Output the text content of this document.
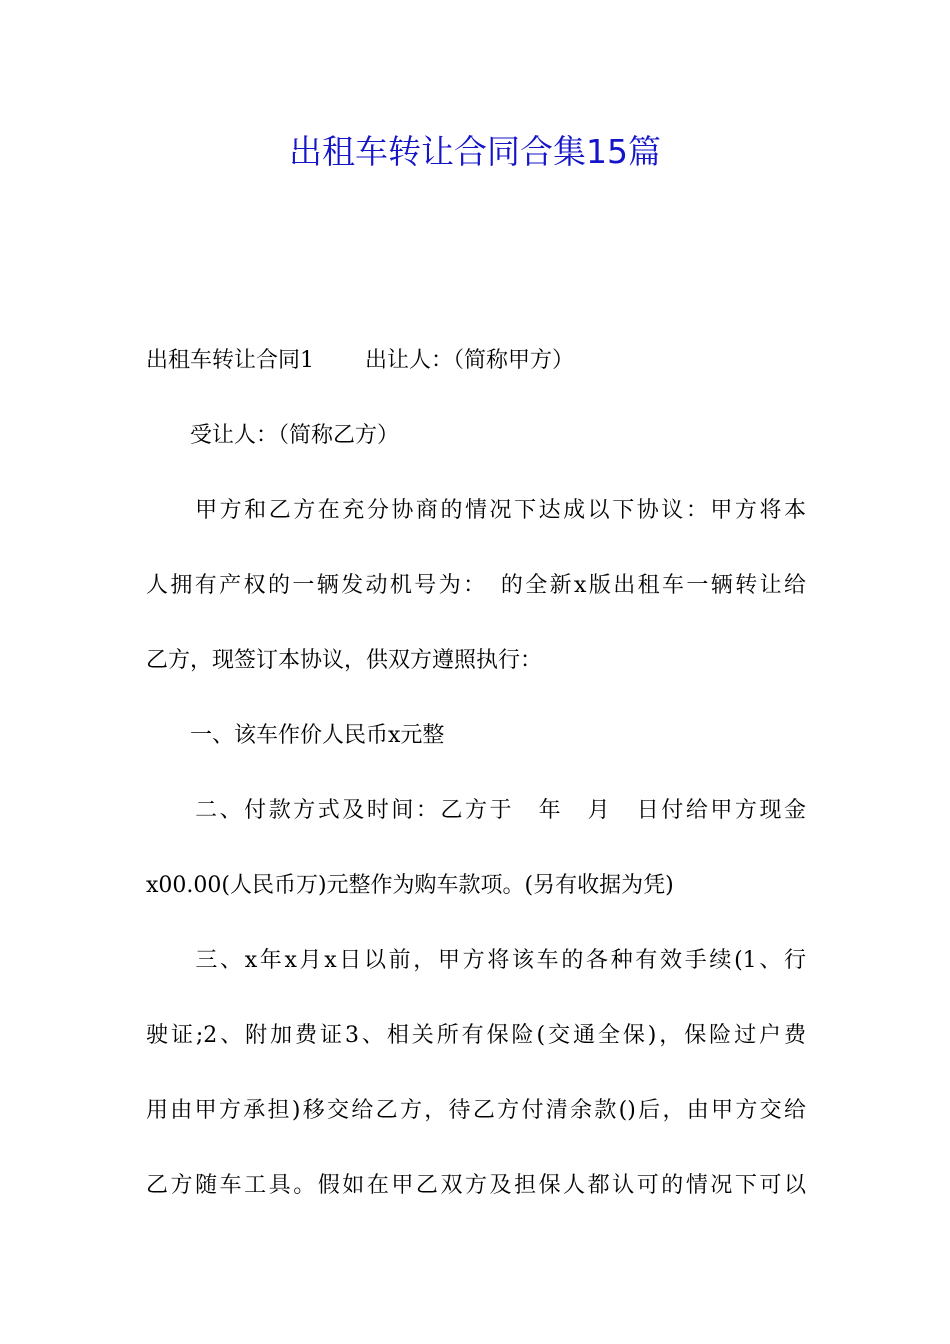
出租车转让合同合集15篇

出租车转让合同1　　 出让人：（简称甲方）

　　受让人：（简称乙方）

　　甲方和乙方在充分协商的情况下达成以下协议：甲方将本

人拥有产权的一辆发动机号为：　的全新x版出租车一辆转让给

乙方，现签订本协议，供双方遵照执行：

　　一、该车作价人民币x元整

　　二、付款方式及时间：乙方于　年　月　日付给甲方现金

x00.00(人民币万)元整作为购车款项。(另有收据为凭)

　　三、x年x月x日以前，甲方将该车的各种有效手续(1、行

驶证;2、附加费证3、相关所有保险(交通全保)，保险过户费

用由甲方承担)移交给乙方，待乙方付清余款()后，由甲方交给

乙方随车工具。假如在甲乙双方及担保人都认可的情况下可以
